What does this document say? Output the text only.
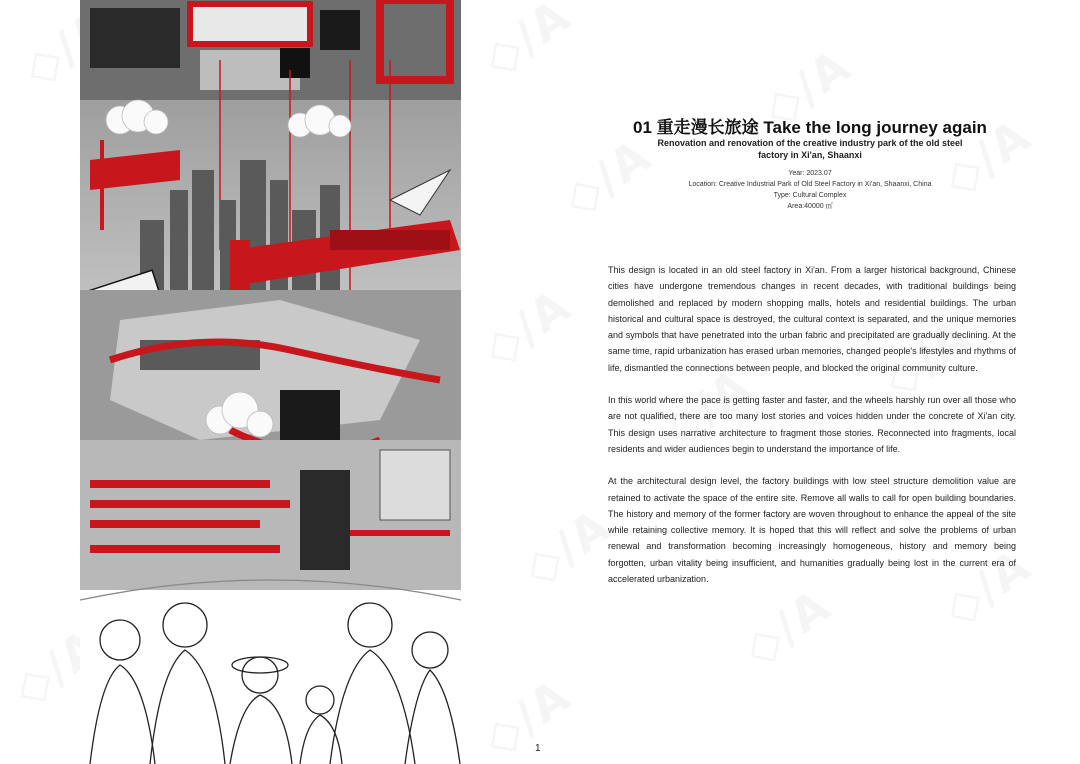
01 重走漫长旅途 Take the long journey again
Renovation and renovation of the creative industry park of the old steel factory in Xi'an, Shaanxi
Year: 2023.07
Location: Creative Industrial Park of Old Steel Factory in Xi'an, Shaanxi, China
Type: Cultural Complex
Area:40000 ㎡

This design is located in an old steel factory in Xi'an. From a larger historical background, Chinese cities have undergone tremendous changes in recent decades, with traditional buildings being demolished and replaced by modern shopping malls, hotels and residential buildings. The urban historical and cultural space is destroyed, the cultural context is separated, and the unique memories and symbols that have penetrated into the urban fabric and precipitated are gradually declining. At the same time, rapid urbanization has erased urban memories, changed people's lifestyles and rhythms of life, dismantled the connections between people, and blocked the original community culture.

In this world where the pace is getting faster and faster, and the wheels harshly run over all those who are not qualified, there are too many lost stories and voices hidden under the concrete of Xi'an city. This design uses narrative architecture to fragment those stories. Reconnected into fragments, local residents and wider audiences begin to understand the importance of life.

At the architectural design level, the factory buildings with low steel structure demolition value are retained to activate the space of the entire site. Remove all walls to call for open building boundaries. The history and memory of the former factory are woven throughout to enhance the appeal of the site while retaining collective memory. It is hoped that this will reflect and solve the problems of urban renewal and transformation becoming increasingly homogeneous, history and memory being forgotten, urban vitality being insufficient, and humanities gradually being lost in the current era of accelerated urbanization.

1
